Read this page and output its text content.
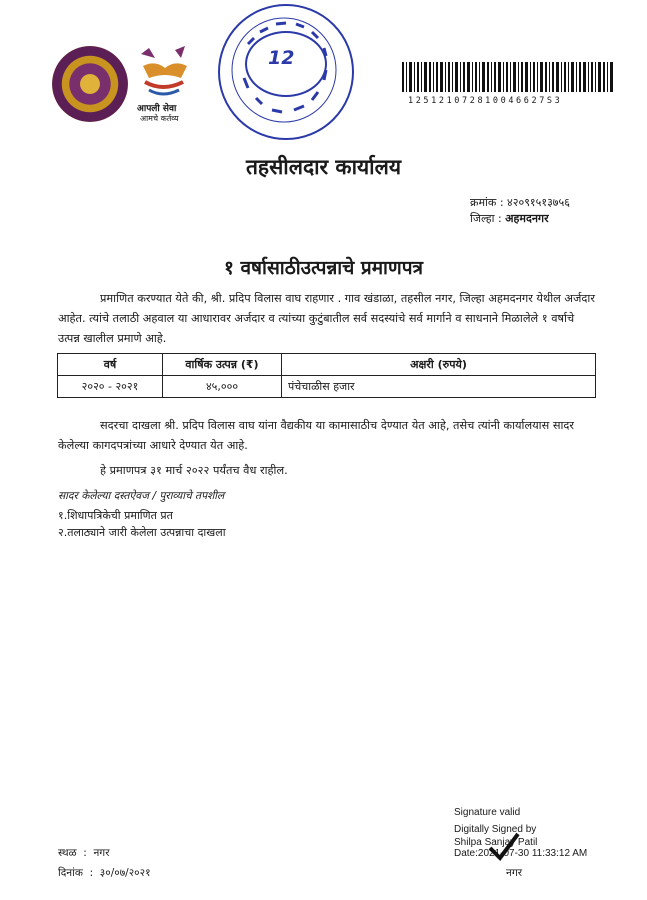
आपली सेवा
आमचे कर्तव्य
12
125121072810046627S3
तहसीलदार कार्यालय
क्रमांक : ४२०९१५१३७५६
जिल्हा : अहमदनगर
१ वर्षासाठीउत्पन्नाचे प्रमाणपत्र

प्रमाणित करण्यात येते की, श्री. प्रदिप विलास वाघ राहणार . गाव खंडाळा, तहसील नगर, जिल्हा अहमदनगर येथील अर्जदार आहेत. त्यांचे तलाठी अहवाल या आधारावर अर्जदार व त्यांच्या कुटुंबातील सर्व सदस्यांचे सर्व मार्गाने व साधनाने मिळालेले १ वर्षाचे उत्पन्न खालील प्रमाणे आहे.

वर्ष	वार्षिक उत्पन्न (₹)	अक्षरी (रुपये)
२०२० - २०२१	४५,०००	पंचेचाळीस हजार

सदरचा दाखला श्री. प्रदिप विलास वाघ यांना वैद्यकीय या कामासाठीच देण्यात येत आहे, तसेच त्यांनी कार्यालयास सादर केलेल्या कागदपत्रांच्या आधारे देण्यात येत आहे.

हे प्रमाणपत्र ३१ मार्च २०२२ पर्यंतच वैध राहील.
सादर केलेल्या दस्तऐवज / पुराव्याचे तपशील
१.शिधापत्रिकेची प्रमाणित प्रत
२.तलाठ्याने जारी केलेला उत्पन्नाचा दाखला
Signature valid
Digitally Signed by
Shilpa Sanjay Patil
Date:2021-07-30 11:33:12 AM
नगर
स्थळ  :  नगर
दिनांक  :  ३०/०७/२०२१
